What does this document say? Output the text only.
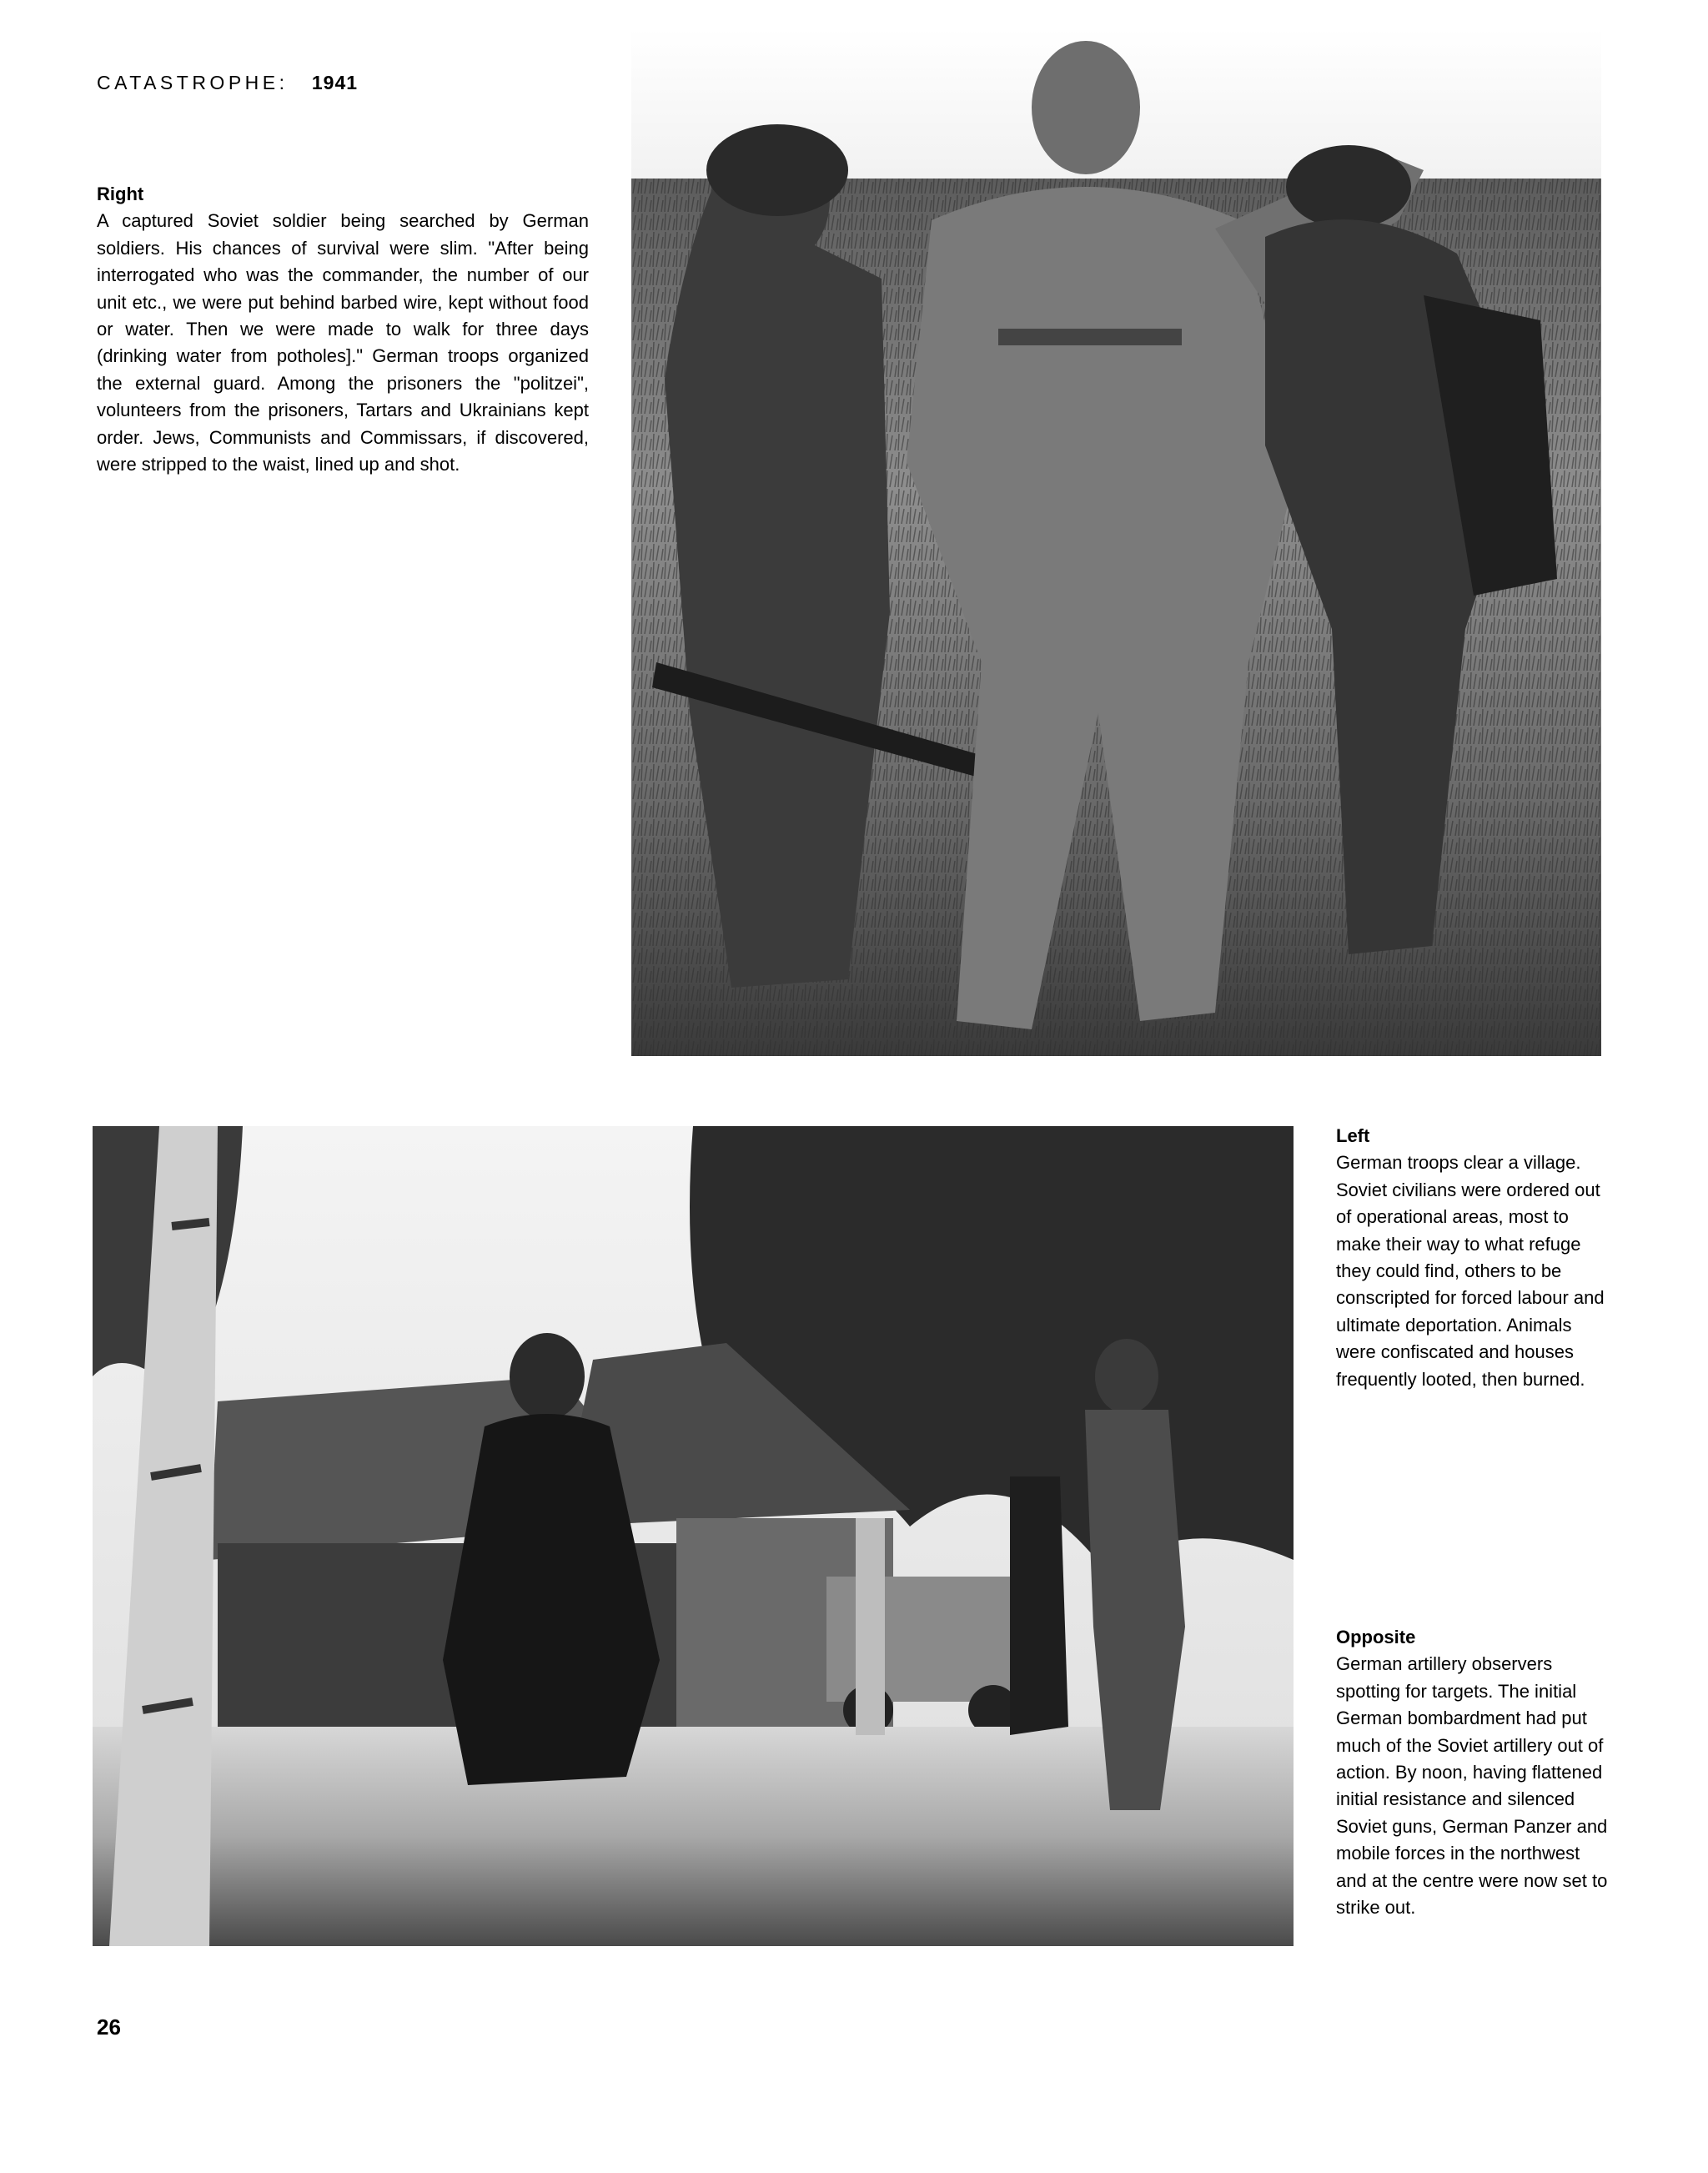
CATASTROPHE: 1941
Right
A captured Soviet soldier being searched by German soldiers. His chances of survival were slim. "After being interrogated who was the commander, the number of our unit etc., we were put behind barbed wire, kept without food or water. Then we were made to walk for three days (drinking water from potholes]." German troops organized the external guard. Among the prisoners the "politzei", volunteers from the prisoners, Tartars and Ukrainians kept order. Jews, Communists and Commissars, if discovered, were stripped to the waist, lined up and shot.
Left
German troops clear a village. Soviet civilians were ordered out of operational areas, most to make their way to what refuge they could find, others to be conscripted for forced labour and ultimate deportation. Animals were confiscated and houses frequently looted, then burned.
Opposite
German artillery observers spotting for targets. The initial German bombardment had put much of the Soviet artillery out of action. By noon, having flattened initial resistance and silenced Soviet guns, German Panzer and mobile forces in the northwest and at the centre were now set to strike out.
26
